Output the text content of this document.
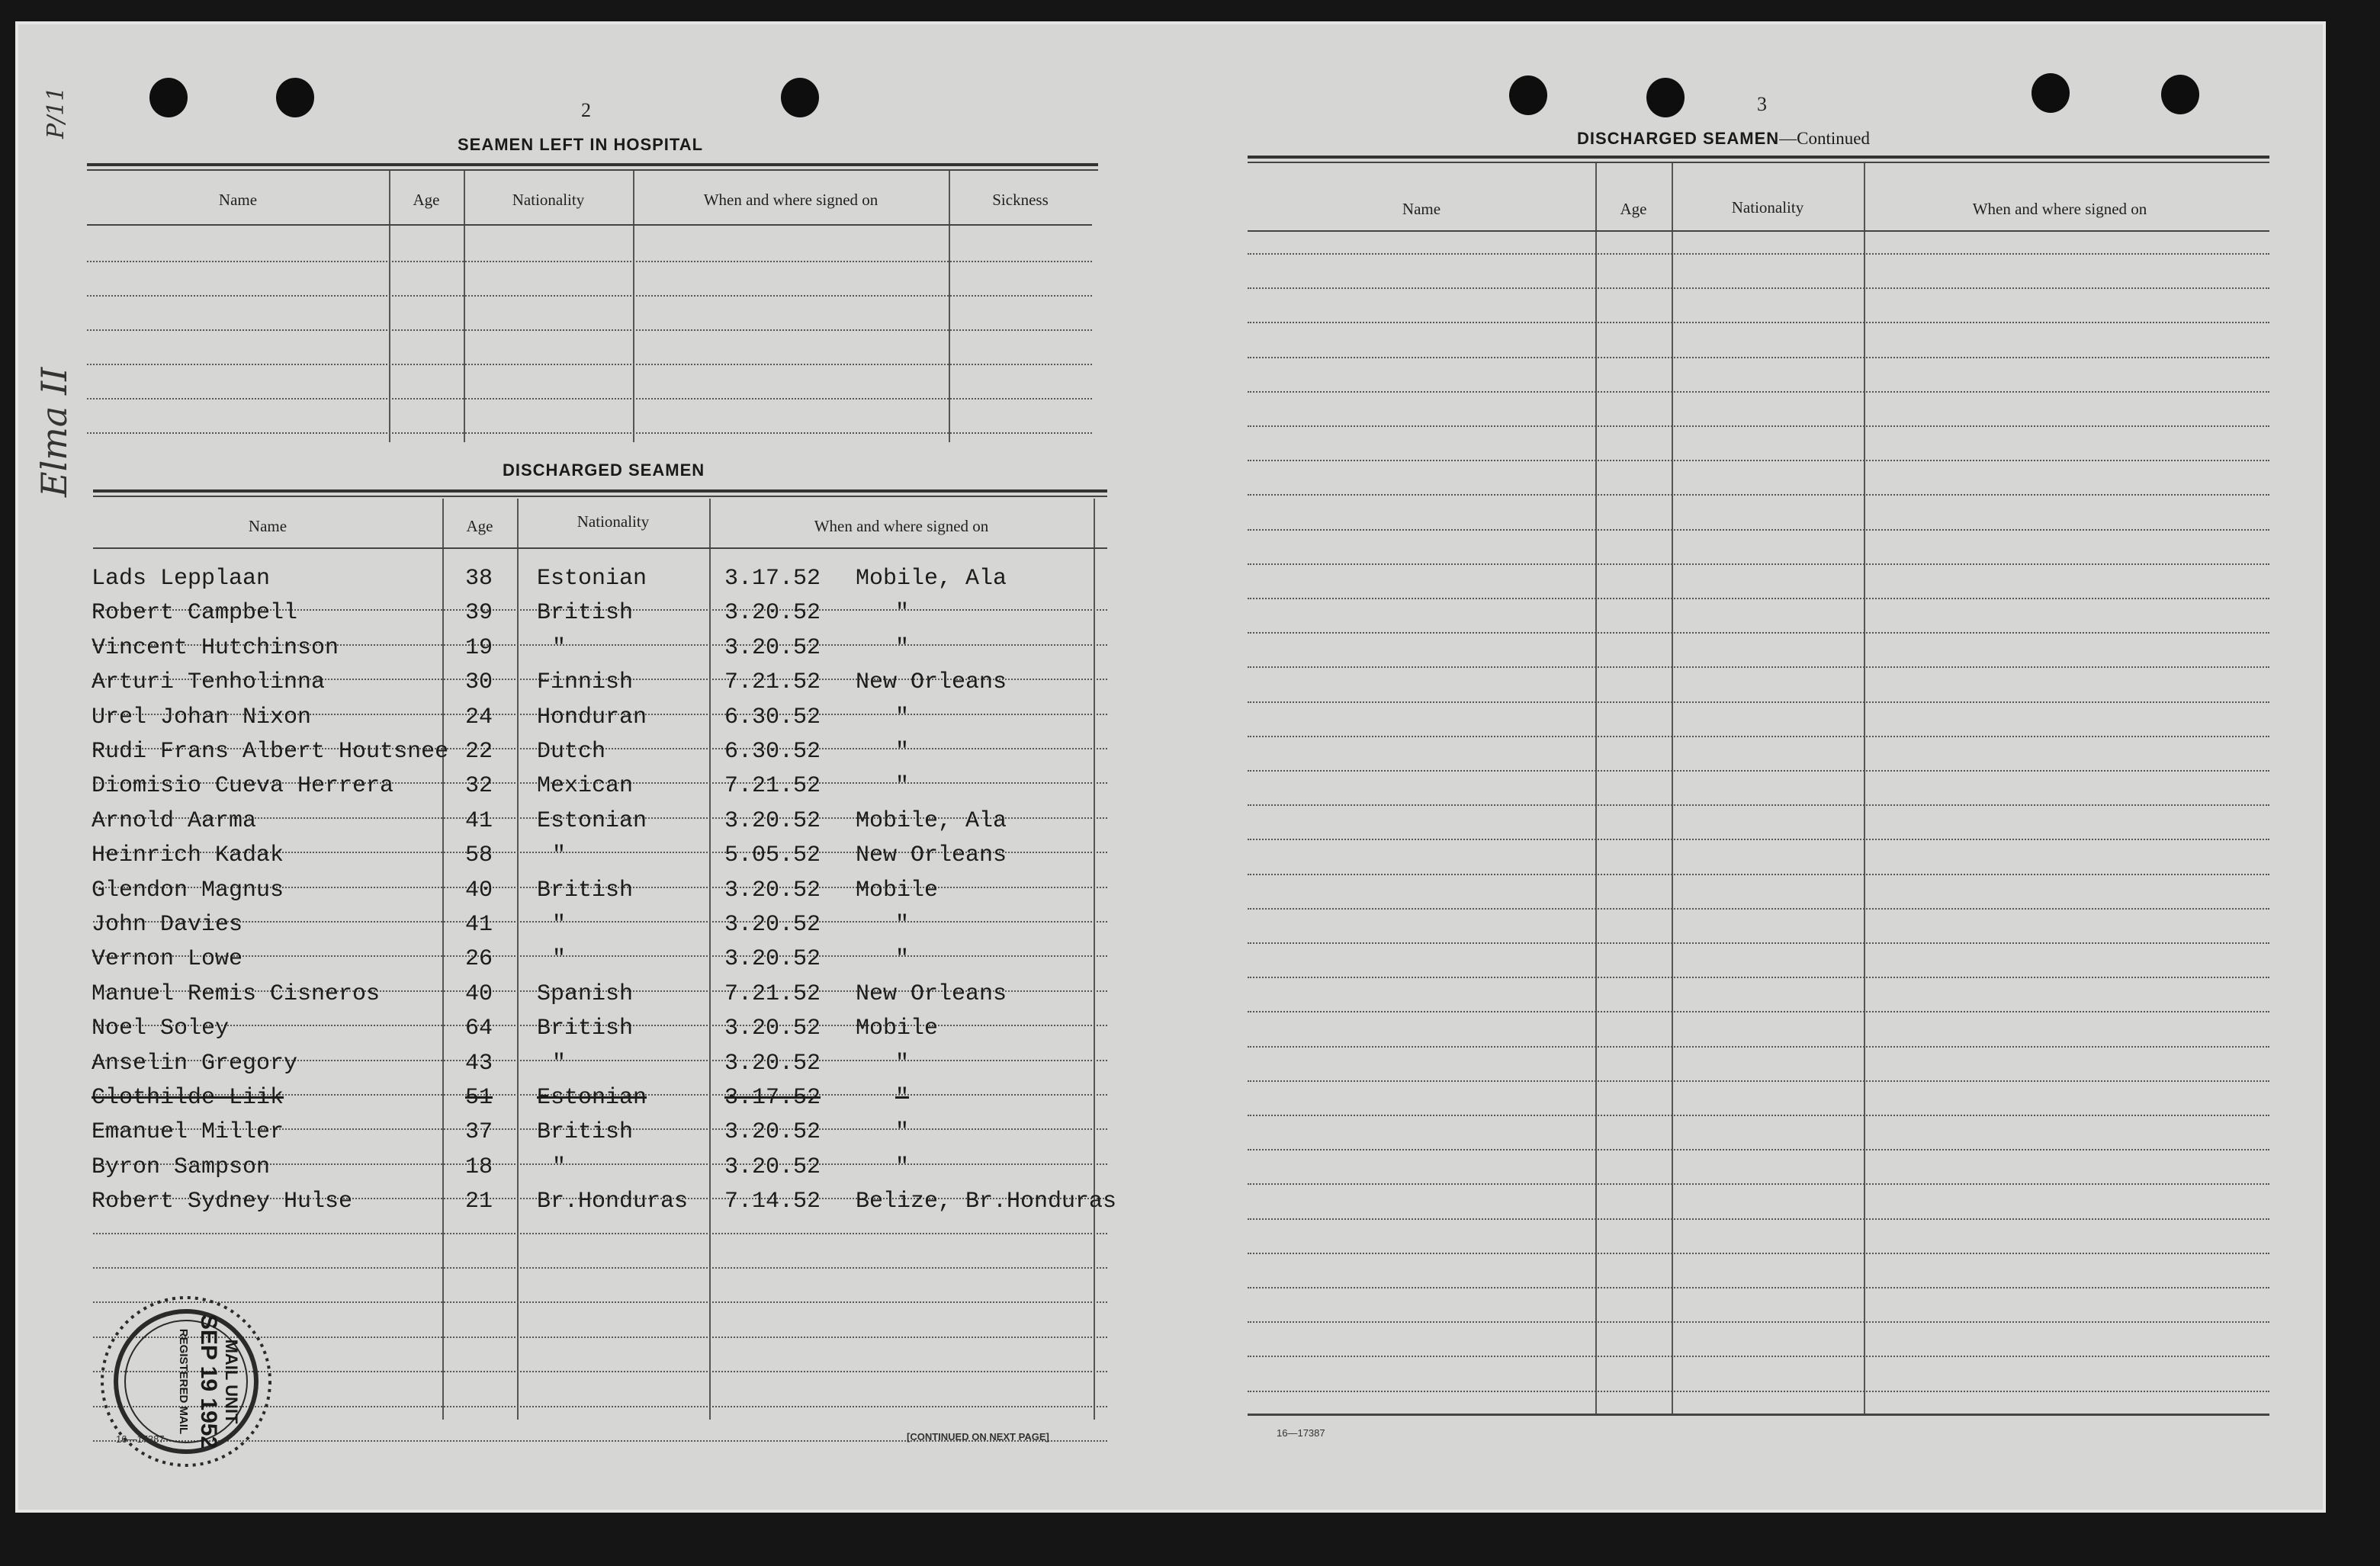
2
P/11
Elma II
SEAMEN LEFT IN HOSPITAL
Name	Age	Nationality	When and where signed on	Sickness
DISCHARGED SEAMEN
Name	Age	Nationality	When and where signed on
Lads Lepplaan	38 Estonian	3.17.52 Mobile, Ala
Robert Campbell	39 British	3.20.52	"
Vincent Hutchinson	19	"	3.20.52	"
Arturi Tenholinna	30 Finnish	7.21.52 New Orleans
Urel Johan Nixon	24 Honduran	6.30.52	"
Rudi Frans Albert Houtsnee 22 Dutch	6.30.52	"
Diomisio Cueva Herrera	32 Mexican	7.21.52	"
Arnold Aarma	41 Estonian	3.20.52 Mobile, Ala
Heinrich Kadak	58	"	5.05.52 New Orleans
Glendon Magnus	40 British	3.20.52 Mobile
John Davies	41	"	3.20.52	"
Vernon Lowe	26	"	3.20.52	"
Manuel Remis Cisneros	40 Spanish	7.21.52 New Orleans
Noel Soley	64 British	3.20.52 Mobile
Anselin Gregory	43	"	3.20.52	"
Clothilde Liik	51 Estonian	3.17.52	"
Emanuel Miller	37 British	3.20.52	"
Byron Sampson	18	"	3.20.52	"
Robert Sydney Hulse	21 Br.Honduras 7.14.52 Belize, Br.Honduras
16—17387	[CONTINUED ON NEXT PAGE]
MAIL UNIT
SEP 19 1952
REGISTERED MAIL
3
DISCHARGED SEAMEN—Continued
Name	Age	Nationality	When and where signed on
16—17387
